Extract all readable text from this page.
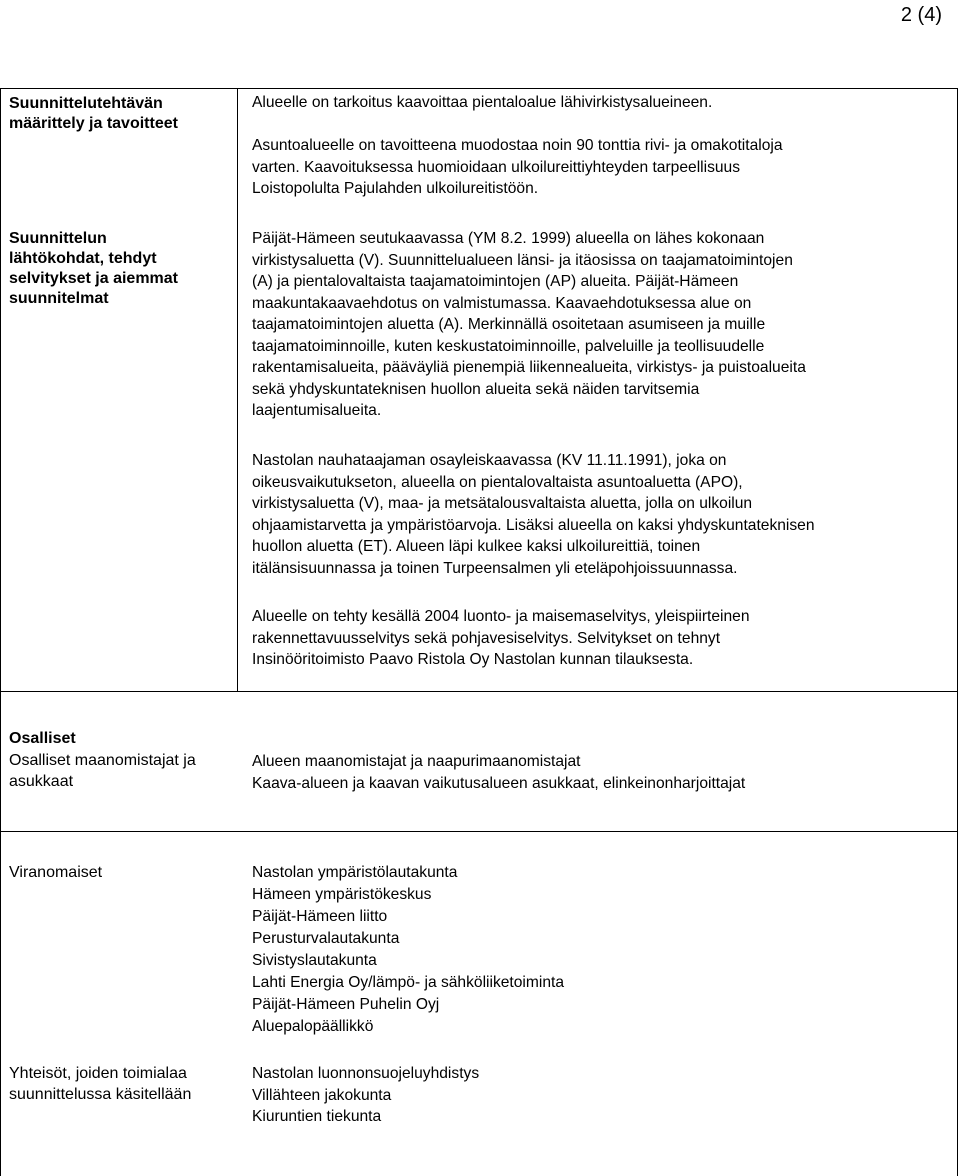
2 (4)
Suunnittelutehtävän
määrittely ja tavoitteet
Alueelle on tarkoitus kaavoittaa pientaloalue lähivirkistysalueineen.
Asuntoalueelle on tavoitteena muodostaa noin 90 tonttia rivi- ja omakotitaloja
varten. Kaavoituksessa huomioidaan ulkoilureittiyhteyden tarpeellisuus
Loistopolulta Pajulahden ulkoilureitistöön.
Suunnittelun
lähtökohdat, tehdyt
selvitykset ja aiemmat
suunnitelmat
Päijät-Hämeen seutukaavassa (YM 8.2. 1999) alueella on lähes kokonaan
virkistysaluetta (V). Suunnittelualueen länsi- ja itäosissa on taajamatoimintojen
(A) ja pientalovaltaista taajamatoimintojen (AP) alueita. Päijät-Hämeen
maakuntakaavaehdotus on valmistumassa. Kaavaehdotuksessa alue on
taajamatoimintojen aluetta (A). Merkinnällä osoitetaan asumiseen ja muille
taajamatoiminnoille, kuten keskustatoiminnoille, palveluille ja teollisuudelle
rakentamisalueita, pääväyliä pienempiä liikennealueita, virkistys- ja puistoalueita
sekä yhdyskuntateknisen huollon alueita sekä näiden tarvitsemia
laajentumisalueita.
Nastolan nauhataajaman osayleiskaavassa (KV 11.11.1991), joka on
oikeusvaikutukseton, alueella on pientalovaltaista asuntoaluetta (APO),
virkistysaluetta (V), maa- ja metsätalousvaltaista aluetta, jolla on ulkoilun
ohjaamistarvetta ja ympäristöarvoja. Lisäksi alueella on kaksi yhdyskuntateknisen
huollon aluetta (ET). Alueen läpi kulkee kaksi ulkoilureittiä, toinen
itälänsisuunnassa ja toinen Turpeensalmen yli eteläpohjoissuunnassa.
Alueelle on tehty kesällä 2004 luonto- ja maisemaselvitys, yleispiirteinen
rakennettavuusselvitys sekä pohjavesiselvitys. Selvitykset on tehnyt
Insinööritoimisto Paavo Ristola Oy Nastolan kunnan tilauksesta.
Osalliset
Osalliset maanomistajat ja
asukkaat
Alueen maanomistajat ja naapurimaanomistajat
Kaava-alueen ja kaavan vaikutusalueen asukkaat, elinkeinonharjoittajat
Viranomaiset	Nastolan ympäristölautakunta
Hämeen ympäristökeskus
Päijät-Hämeen liitto
Perusturvalautakunta
Sivistyslautakunta
Lahti Energia Oy/lämpö- ja sähköliiketoiminta
Päijät-Hämeen Puhelin Oyj
Aluepalopäällikkö
Yhteisöt, joiden toimialaa
suunnittelussa käsitellään
Nastolan luonnonsuojeluyhdistys
Villähteen jakokunta
Kiuruntien tiekunta
